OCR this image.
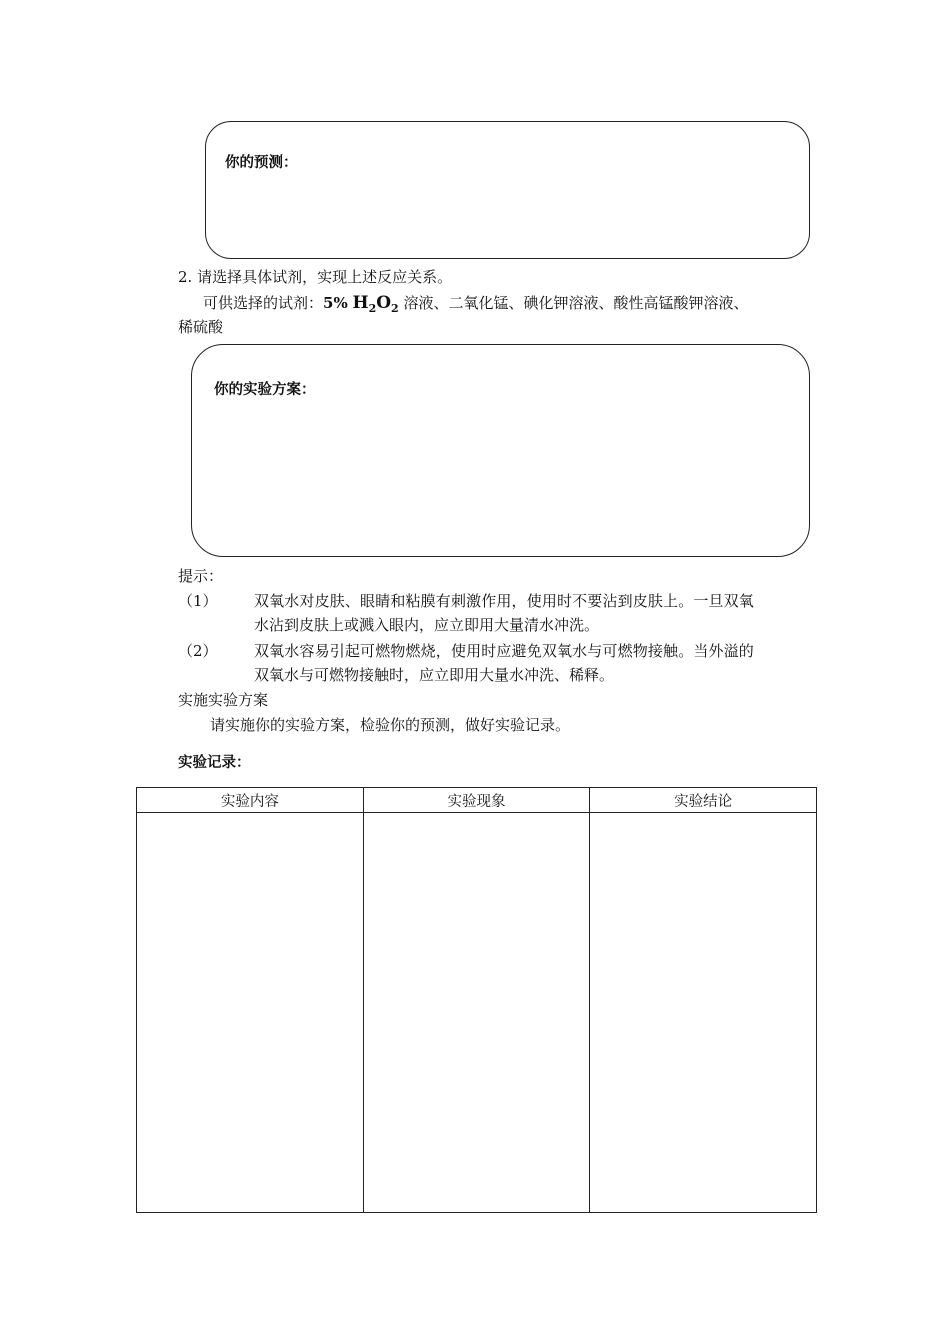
你的预测：
2. 请选择具体试剂，实现上述反应关系。
可供选择的试剂：5% $H_2O_2$ 溶液、二氧化锰、碘化钾溶液、酸性高锰酸钾溶液、
稀硫酸
你的实验方案：
提示：
（1） 双氧水对皮肤、眼睛和粘膜有刺激作用，使用时不要沾到皮肤上。一旦双氧
水沾到皮肤上或溅入眼内，应立即用大量清水冲洗。
（2） 双氧水容易引起可燃物燃烧，使用时应避免双氧水与可燃物接触。当外溢的
双氧水与可燃物接触时，应立即用大量水冲洗、稀释。
实施实验方案
请实施你的实验方案，检验你的预测，做好实验记录。
实验记录：
实验内容	实验现象	实验结论
